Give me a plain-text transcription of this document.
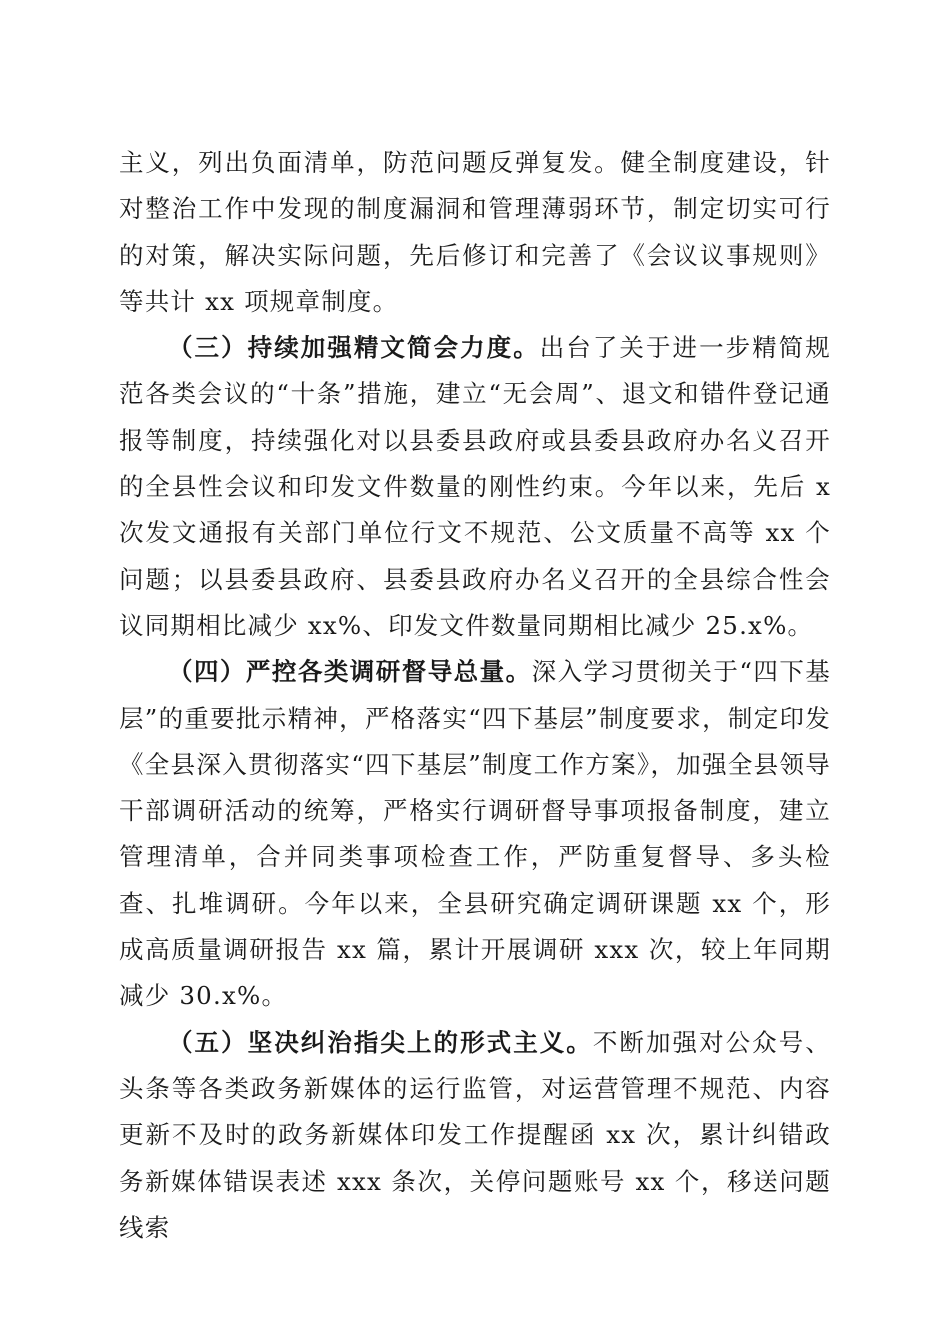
主义，列出负面清单，防范问题反弹复发。健全制度建设，针对整治工作中发现的制度漏洞和管理薄弱环节，制定切实可行的对策，解决实际问题，先后修订和完善了《会议议事规则》等共计 xx 项规章制度。

（三）持续加强精文简会力度。出台了关于进一步精简规范各类会议的“十条”措施，建立“无会周”、退文和错件登记通报等制度，持续强化对以县委县政府或县委县政府办名义召开的全县性会议和印发文件数量的刚性约束。今年以来，先后 x 次发文通报有关部门单位行文不规范、公文质量不高等 xx 个问题；以县委县政府、县委县政府办名义召开的全县综合性会议同期相比减少 xx%、印发文件数量同期相比减少 25.x%。

（四）严控各类调研督导总量。深入学习贯彻关于“四下基层”的重要批示精神，严格落实“四下基层”制度要求，制定印发《全县深入贯彻落实“四下基层”制度工作方案》，加强全县领导干部调研活动的统筹，严格实行调研督导事项报备制度，建立管理清单，合并同类事项检查工作，严防重复督导、多头检查、扎堆调研。今年以来，全县研究确定调研课题 xx 个，形成高质量调研报告 xx 篇，累计开展调研 xxx 次，较上年同期减少 30.x%。

（五）坚决纠治指尖上的形式主义。不断加强对公众号、头条等各类政务新媒体的运行监管，对运营管理不规范、内容更新不及时的政务新媒体印发工作提醒函 xx 次，累计纠错政务新媒体错误表述 xxx 条次，关停问题账号 xx 个，移送问题线索
